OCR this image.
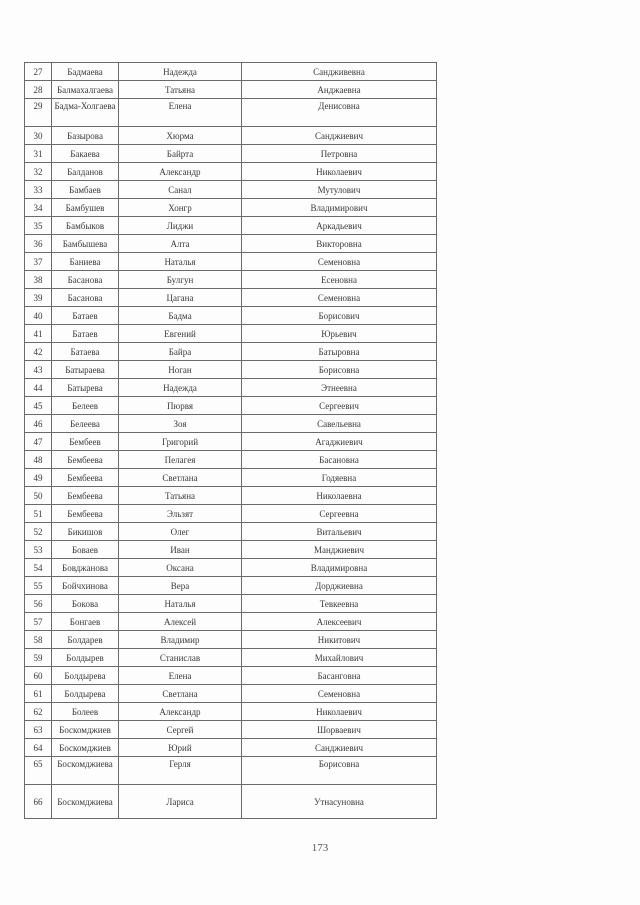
27	Бадмаева	Надежда	Сандживевна
28	Балмахалгаева	Татьяна	Анджаевна
29	Бадма-Холгаева	Елена	Денисовна
30	Базырова	Хюрма	Санджиевич
31	Бакаева	Байрта	Петровна
32	Балданов	Александр	Николаевич
33	Бамбаев	Санал	Мутулович
34	Бамбушев	Хонгр	Владимирович
35	Бамбыков	Лиджи	Аркадьевич
36	Бамбышева	Алта	Викторовна
37	Баниева	Наталья	Семеновна
38	Басанова	Булгун	Есеновна
39	Басанова	Цагана	Семеновна
40	Батаев	Бадма	Борисович
41	Батаев	Евгений	Юрьевич
42	Батаева	Байра	Батыровна
43	Батыраева	Ноган	Борисовна
44	Батырева	Надежда	Этнеевна
45	Белеев	Пюрвя	Сергеевич
46	Белеева	Зоя	Савельевна
47	Бембеев	Григорий	Агаджиевич
48	Бембеева	Пелагея	Басановна
49	Бембеева	Светлана	Годяевна
50	Бембеева	Татьяна	Николаевна
51	Бембеева	Эльзят	Сергеевна
52	Бикишов	Олег	Витальевич
53	Боваев	Иван	Манджиевич
54	Бовджанова	Оксана	Владимировна
55	Бойчхинова	Вера	Дорджиевна
56	Бокова	Наталья	Тевкеевна
57	Бонгаев	Алексей	Алексеевич
58	Болдарев	Владимир	Никитович
59	Болдырев	Станислав	Михайлович
60	Болдырева	Елена	Басанговна
61	Болдырева	Светлана	Семеновна
62	Болеев	Александр	Николаевич
63	Боскомджиев	Сергей	Шорваевич
64	Боскомджиев	Юрий	Санджиевич
65	Боскомджиева	Герля	Борисовна
66	Боскомджиева	Лариса	Утнасуновна
173
